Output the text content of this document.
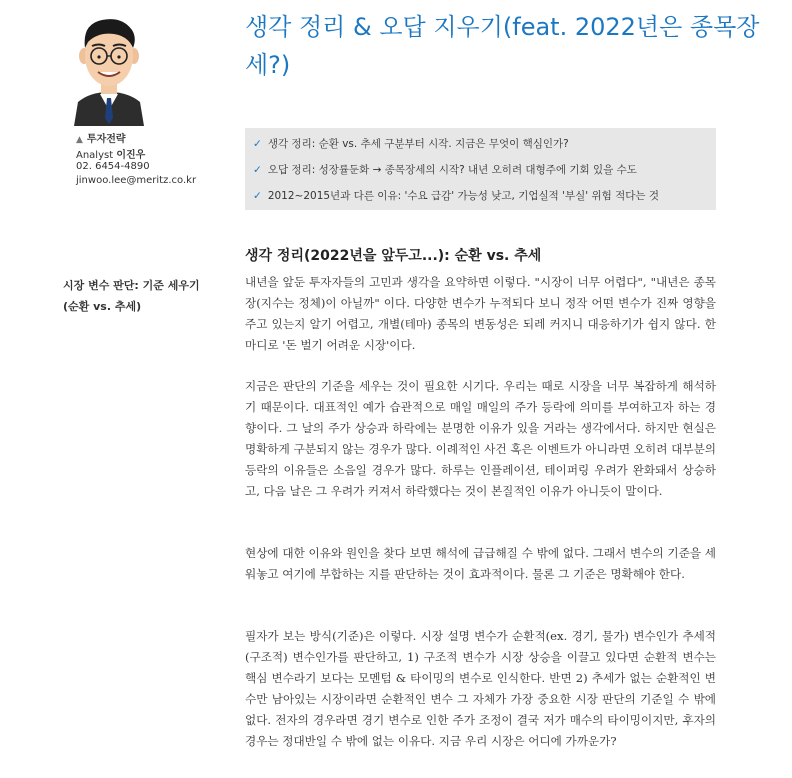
▲ 투자전략
Analyst 이진우
02. 6454-4890
jinwoo.lee@meritz.co.kr
생각 정리 & 오답 지우기(feat. 2022년은 종목장세?)
✓ 생각 정리: 순환 vs. 추세 구분부터 시작. 지금은 무엇이 핵심인가?
✓ 오답 정리: 성장률둔화 → 종목장세의 시작? 내년 오히려 대형주에 기회 있을 수도
✓ 2012~2015년과 다른 이유: '수요 급감' 가능성 낮고, 기업실적 '부실' 위험 적다는 것
생각 정리(2022년을 앞두고...): 순환 vs. 추세
시장 변수 판단: 기준 세우기(순환 vs. 추세)

내년을 앞둔 투자자들의 고민과 생각을 요약하면 이렇다. "시장이 너무 어렵다", "내년은 종목장(지수는 정체)이 아닐까" 이다. 다양한 변수가 누적되다 보니 정작 어떤 변수가 진짜 영향을 주고 있는지 알기 어렵고, 개별(테마) 종목의 변동성은 되레 커지니 대응하기가 쉽지 않다. 한 마디로 '돈 벌기 어려운 시장'이다.

지금은 판단의 기준을 세우는 것이 필요한 시기다. 우리는 때로 시장을 너무 복잡하게 해석하기 때문이다. 대표적인 예가 습관적으로 매일 매일의 주가 등락에 의미를 부여하고자 하는 경향이다. 그 날의 주가 상승과 하락에는 분명한 이유가 있을 거라는 생각에서다. 하지만 현실은 명확하게 구분되지 않는 경우가 많다. 이례적인 사건 혹은 이벤트가 아니라면 오히려 대부분의 등락의 이유들은 소음일 경우가 많다. 하루는 인플레이션, 테이퍼링 우려가 완화돼서 상승하고, 다음 날은 그 우려가 커져서 하락했다는 것이 본질적인 이유가 아니듯이 말이다.

현상에 대한 이유와 원인을 찾다 보면 해석에 급급해질 수 밖에 없다. 그래서 변수의 기준을 세워놓고 여기에 부합하는 지를 판단하는 것이 효과적이다. 물론 그 기준은 명확해야 한다.

필자가 보는 방식(기준)은 이렇다. 시장 설명 변수가 순환적(ex. 경기, 물가) 변수인가 추세적(구조적) 변수인가를 판단하고, 1) 구조적 변수가 시장 상승을 이끌고 있다면 순환적 변수는 핵심 변수라기 보다는 모멘텀 & 타이밍의 변수로 인식한다. 반면 2) 추세가 없는 순환적인 변수만 남아있는 시장이라면 순환적인 변수 그 자체가 가장 중요한 시장 판단의 기준일 수 밖에 없다. 전자의 경우라면 경기 변수로 인한 주가 조정이 결국 저가 매수의 타이밍이지만, 후자의 경우는 정대반일 수 밖에 없는 이유다. 지금 우리 시장은 어디에 가까운가?
